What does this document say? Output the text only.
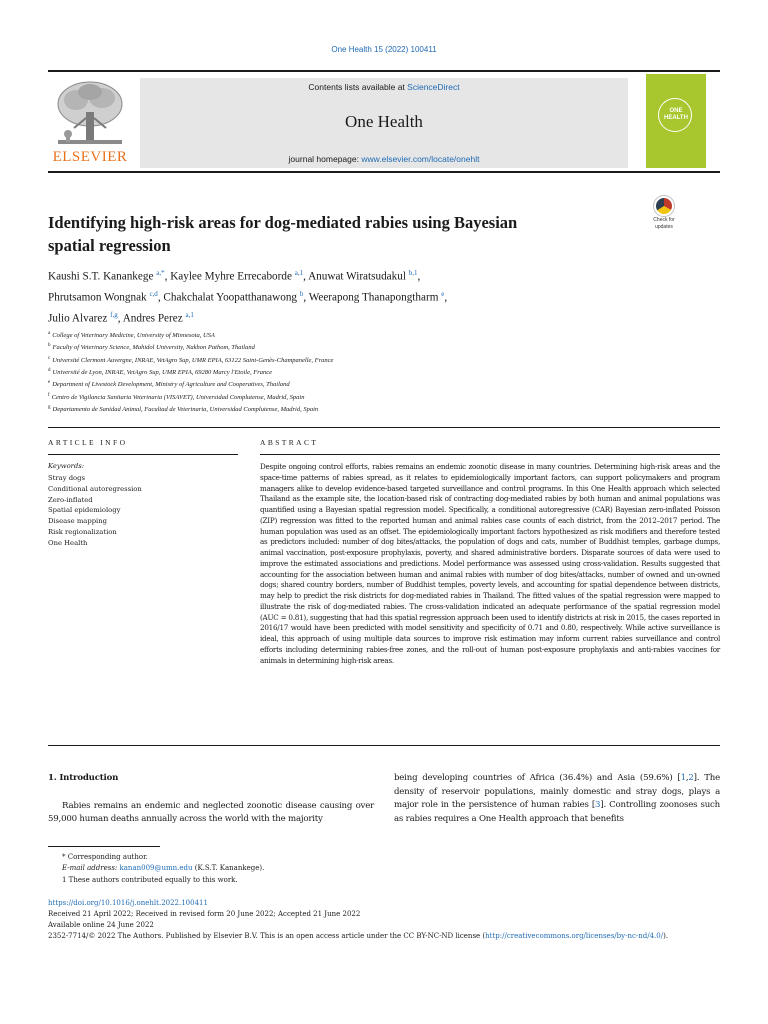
One Health 15 (2022) 100411
ELSEVIER
Contents lists available at ScienceDirect
One Health
journal homepage: www.elsevier.com/locate/onehlt
ONE
HEALTH
Identifying high-risk areas for dog-mediated rabies using Bayesian
spatial regression
Check for
updates
Kaushi S.T. Kanankege $^{a,*}$, Kaylee Myhre Errecaborde $^{a,1}$, Anuwat Wiratsudakul $^{b,1}$,
Phrutsamon Wongnak $^{c,d}$, Chakchalat Yoopatthanawong $^b$, Weerapong Thanapongtharm $^e$,
Julio Alvarez $^{f,g}$, Andres Perez $^{a,1}$
$^a$ College of Veterinary Medicine, University of Minnesota, USA
$^b$ Faculty of Veterinary Science, Mahidol University, Nakhon Pathom, Thailand
$^c$ Université Clermont Auvergne, INRAE, VetAgro Sup, UMR EPIA, 63122 Saint-Genès-Champanelle, France
$^d$ Université de Lyon, INRAE, VetAgro Sup, UMR EPIA, 69280 Marcy l'Etoile, France
$^e$ Department of Livestock Development, Ministry of Agriculture and Cooperatives, Thailand
$^f$ Centro de Vigilancia Sanitaria Veterinaria (VISAVET), Universidad Complutense, Madrid, Spain
$^g$ Departamento de Sanidad Animal, Facultad de Veterinaria, Universidad Complutense, Madrid, Spain
ARTICLE INFO	ABSTRACT
Keywords:
Stray dogs
Conditional autoregression
Zero-inflated
Spatial epidemiology
Disease mapping
Risk regionalization
One Health

Despite ongoing control efforts, rabies remains an endemic zoonotic disease in many countries. Determining high-risk areas and the space-time patterns of rabies spread, as it relates to epidemiologically important factors, can support policymakers and program managers alike to develop evidence-based targeted surveillance and control programs. In this One Health approach which selected Thailand as the example site, the location-based risk of contracting dog-mediated rabies by both human and animal populations was quantified using a Bayesian spatial regression model. Specifically, a conditional autoregressive (CAR) Bayesian zero-inflated Poisson (ZIP) regression was fitted to the reported human and animal rabies case counts of each district, from the 2012–2017 period. The human population was used as an offset. The epidemiologically important factors hypothesized as risk modifiers and therefore tested as predictors included: number of dog bites/attacks, the population of dogs and cats, number of Buddhist temples, garbage dumps, animal vaccination, post-exposure prophylaxis, poverty, and shared administrative borders. Disparate sources of data were used to improve the estimated associations and predictions. Model performance was assessed using cross-validation. Results suggested that accounting for the association between human and animal rabies with number of dog bites/attacks, number of owned and un-owned dogs; shared country borders, number of Buddhist temples, poverty levels, and accounting for spatial dependence between districts, may help to predict the risk districts for dog-mediated rabies in Thailand. The fitted values of the spatial regression were mapped to illustrate the risk of dog-mediated rabies. The cross-validation indicated an adequate performance of the spatial regression model (AUC = 0.81), suggesting that had this spatial regression approach been used to identify districts at risk in 2015, the cases reported in 2016/17 would have been predicted with model sensitivity and specificity of 0.71 and 0.80, respectively. While active surveillance is ideal, this approach of using multiple data sources to improve risk estimation may inform current rabies surveillance and control efforts including determining rabies-free zones, and the roll-out of human post-exposure prophylaxis and anti-rabies vaccines for animals in determining high-risk areas.

1. Introduction

Rabies remains an endemic and neglected zoonotic disease causing over 59,000 human deaths annually across the world with the majority

being developing countries of Africa (36.4%) and Asia (59.6%) [1,2]. The density of reservoir populations, mainly domestic and stray dogs, plays a major role in the persistence of human rabies [3]. Controlling zoonoses such as rabies requires a One Health approach that benefits

* Corresponding author.
E-mail address: kanan009@umn.edu (K.S.T. Kanankege).
1 These authors contributed equally to this work.
https://doi.org/10.1016/j.onehlt.2022.100411
Received 21 April 2022; Received in revised form 20 June 2022; Accepted 21 June 2022
Available online 24 June 2022
2352-7714/© 2022 The Authors. Published by Elsevier B.V. This is an open access article under the CC BY-NC-ND license (http://creativecommons.org/licenses/by-nc-nd/4.0/).
